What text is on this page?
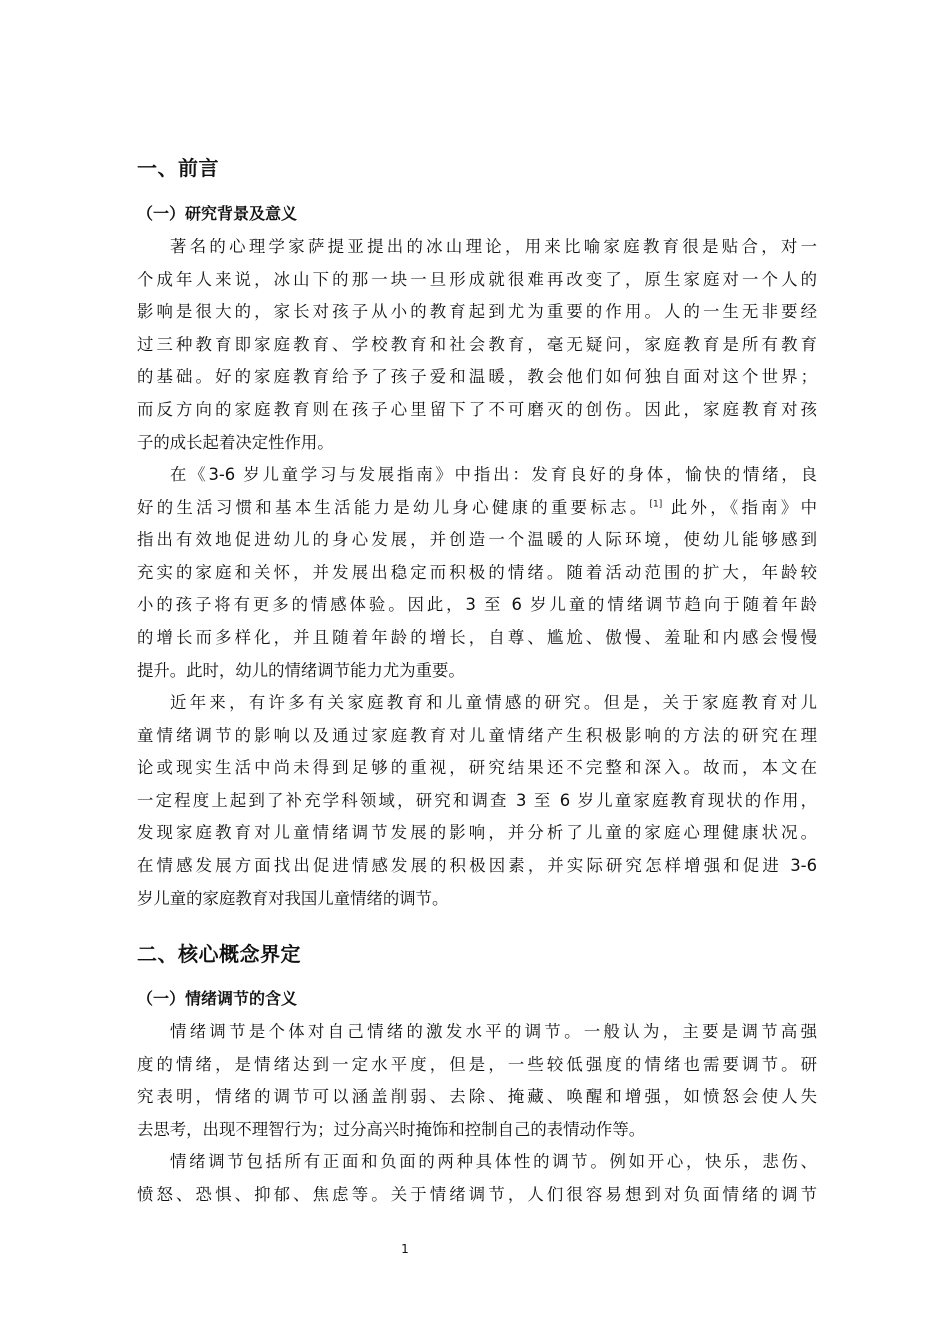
一、前言
（一）研究背景及意义
著名的心理学家萨提亚提出的冰山理论，用来比喻家庭教育很是贴合，对一
个成年人来说，冰山下的那一块一旦形成就很难再改变了，原生家庭对一个人的
影响是很大的，家长对孩子从小的教育起到尤为重要的作用。人的一生无非要经
过三种教育即家庭教育、学校教育和社会教育，毫无疑问，家庭教育是所有教育
的基础。好的家庭教育给予了孩子爱和温暖，教会他们如何独自面对这个世界；
而反方向的家庭教育则在孩子心里留下了不可磨灭的创伤。因此，家庭教育对孩
子的成长起着决定性作用。
在《3-6 岁儿童学习与发展指南》中指出：发育良好的身体，愉快的情绪，良
好的生活习惯和基本生活能力是幼儿身心健康的重要标志。[1] 此外，《指南》中
指出有效地促进幼儿的身心发展，并创造一个温暖的人际环境，使幼儿能够感到
充实的家庭和关怀，并发展出稳定而积极的情绪。随着活动范围的扩大，年龄较
小的孩子将有更多的情感体验。因此，3 至 6 岁儿童的情绪调节趋向于随着年龄
的增长而多样化，并且随着年龄的增长，自尊、尴尬、傲慢、羞耻和内感会慢慢
提升。此时，幼儿的情绪调节能力尤为重要。
近年来，有许多有关家庭教育和儿童情感的研究。但是，关于家庭教育对儿
童情绪调节的影响以及通过家庭教育对儿童情绪产生积极影响的方法的研究在理
论或现实生活中尚未得到足够的重视，研究结果还不完整和深入。故而，本文在
一定程度上起到了补充学科领域，研究和调查 3 至 6 岁儿童家庭教育现状的作用，
发现家庭教育对儿童情绪调节发展的影响，并分析了儿童的家庭心理健康状况。
在情感发展方面找出促进情感发展的积极因素，并实际研究怎样增强和促进 3-6
岁儿童的家庭教育对我国儿童情绪的调节。
二、核心概念界定
（一）情绪调节的含义
情绪调节是个体对自己情绪的激发水平的调节。一般认为，主要是调节高强
度的情绪，是情绪达到一定水平度，但是，一些较低强度的情绪也需要调节。研
究表明，情绪的调节可以涵盖削弱、去除、掩藏、唤醒和增强，如愤怒会使人失
去思考，出现不理智行为；过分高兴时掩饰和控制自己的表情动作等。
情绪调节包括所有正面和负面的两种具体性的调节。例如开心，快乐，悲伤、
愤怒、恐惧、抑郁、焦虑等。关于情绪调节，人们很容易想到对负面情绪的调节
1
